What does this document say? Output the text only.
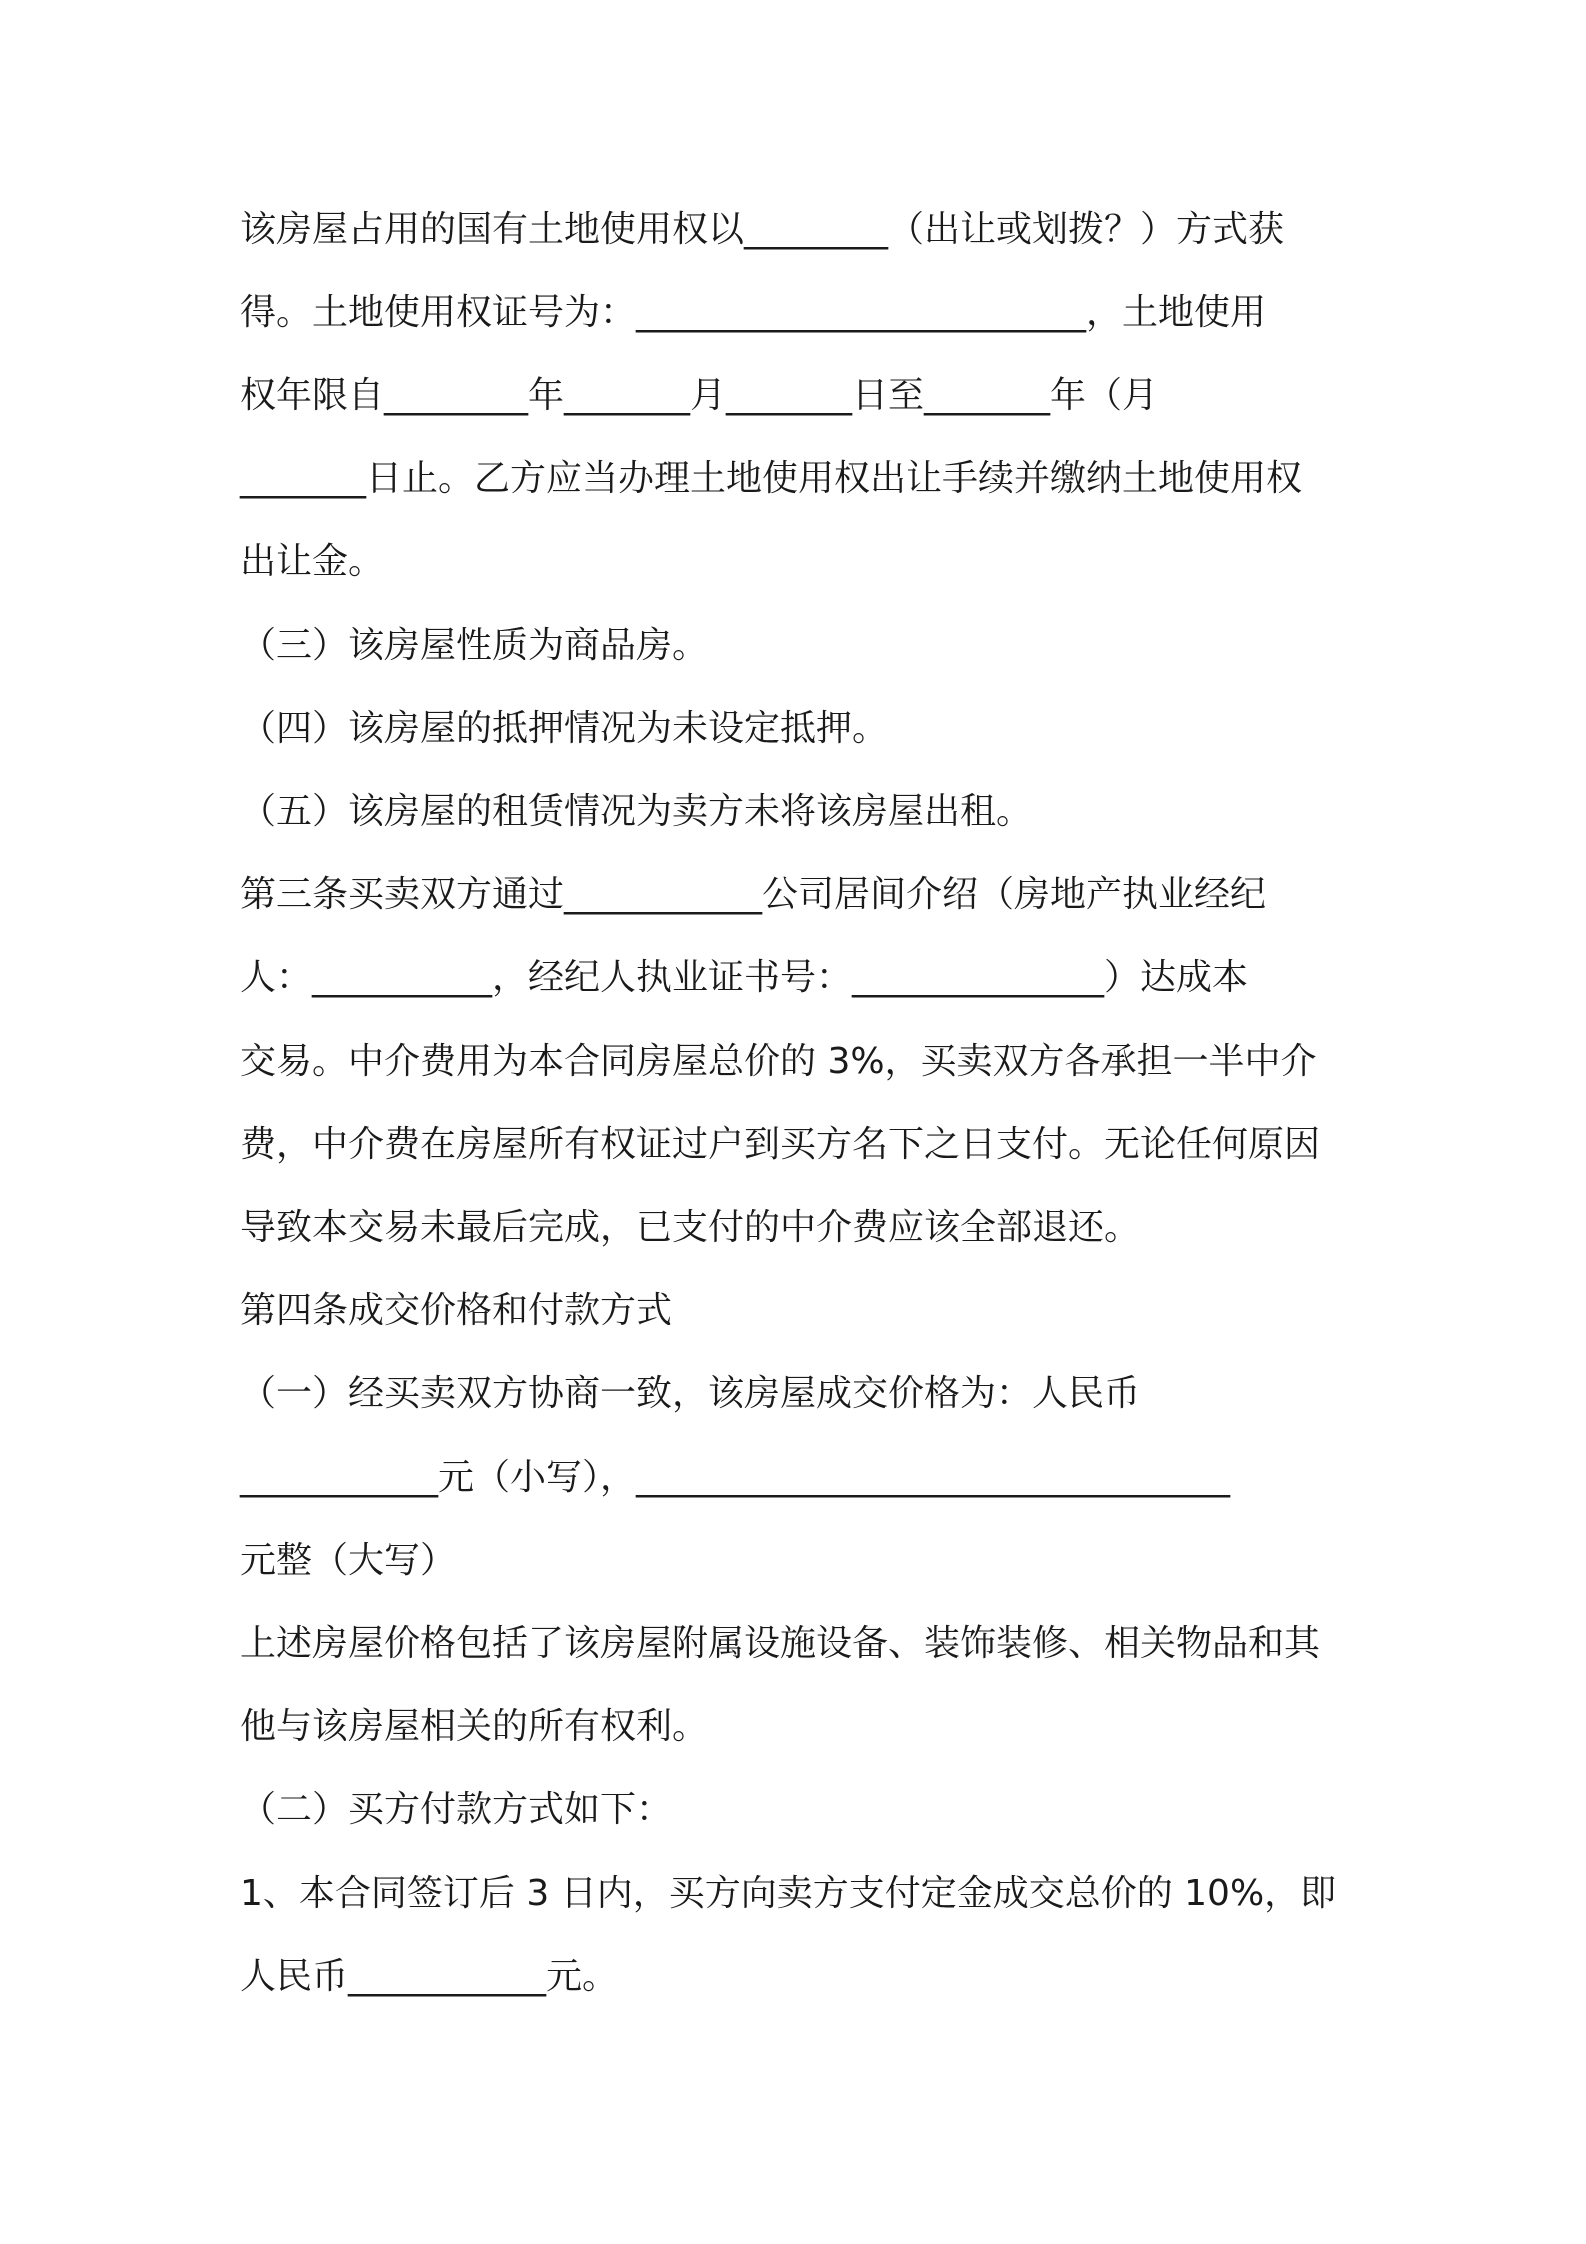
该房屋占用的国有土地使用权以________（出让或划拨？）方式获
得。土地使用权证号为：_________________________，土地使用
权年限自________年_______月_______日至_______年（月
_______日止。乙方应当办理土地使用权出让手续并缴纳土地使用权
出让金。
（三）该房屋性质为商品房。
（四）该房屋的抵押情况为未设定抵押。
（五）该房屋的租赁情况为卖方未将该房屋出租。
第三条买卖双方通过___________公司居间介绍（房地产执业经纪
人：__________，经纪人执业证书号：______________）达成本
交易。中介费用为本合同房屋总价的 3%，买卖双方各承担一半中介
费，中介费在房屋所有权证过户到买方名下之日支付。无论任何原因
导致本交易未最后完成，已支付的中介费应该全部退还。
第四条成交价格和付款方式
（一）经买卖双方协商一致，该房屋成交价格为：人民币
___________元（小写），_________________________________
元整（大写）
上述房屋价格包括了该房屋附属设施设备、装饰装修、相关物品和其
他与该房屋相关的所有权利。
（二）买方付款方式如下：
1、本合同签订后 3 日内，买方向卖方支付定金成交总价的 10%，即
人民币___________元。
